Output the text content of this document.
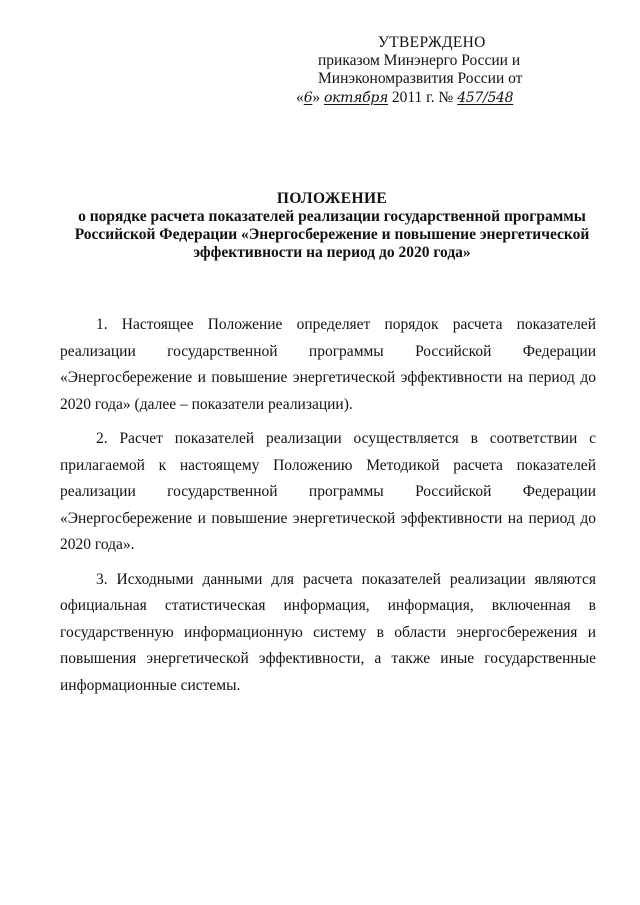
УТВЕРЖДЕНО
приказом Минэнерго России и
Минэкономразвития России от
«6» октября 2011 г. № 457/548
ПОЛОЖЕНИЕ
о порядке расчета показателей реализации государственной программы
Российской Федерации «Энергосбережение и повышение энергетической
эффективности на период до 2020 года»

1. Настоящее Положение определяет порядок расчета показателей реализации государственной программы Российской Федерации «Энергосбережение и повышение энергетической эффективности на период до 2020 года» (далее – показатели реализации).

2. Расчет показателей реализации осуществляется в соответствии с прилагаемой к настоящему Положению Методикой расчета показателей реализации государственной программы Российской Федерации «Энергосбережение и повышение энергетической эффективности на период до 2020 года».

3. Исходными данными для расчета показателей реализации являются официальная статистическая информация, информация, включенная в государственную информационную систему в области энергосбережения и повышения энергетической эффективности, а также иные государственные информационные системы.
